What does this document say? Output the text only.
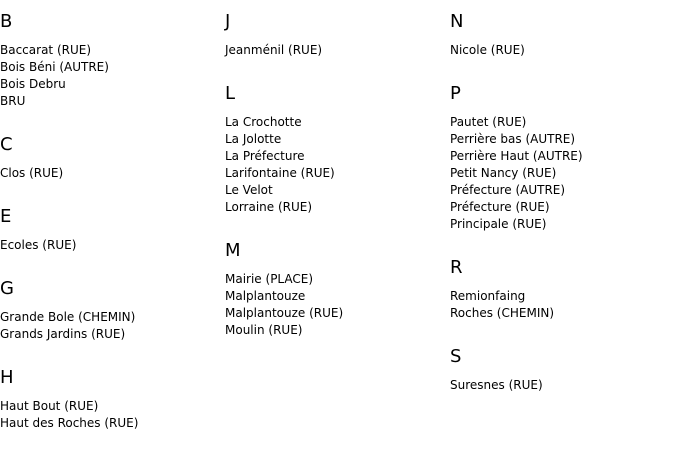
B
Baccarat (RUE)
Bois Béni (AUTRE)
Bois Debru
BRU
C
Clos (RUE)
E
Ecoles (RUE)
G
Grande Bole (CHEMIN)
Grands Jardins (RUE)
H
Haut Bout (RUE)
Haut des Roches (RUE)
J
Jeanménil (RUE)
L
La Crochotte
La Jolotte
La Préfecture
Larifontaine (RUE)
Le Velot
Lorraine (RUE)
M
Mairie (PLACE)
Malplantouze
Malplantouze (RUE)
Moulin (RUE)
N
Nicole (RUE)
P
Pautet (RUE)
Perrière bas (AUTRE)
Perrière Haut (AUTRE)
Petit Nancy (RUE)
Préfecture (AUTRE)
Préfecture (RUE)
Principale (RUE)
R
Remionfaing
Roches (CHEMIN)
S
Suresnes (RUE)
